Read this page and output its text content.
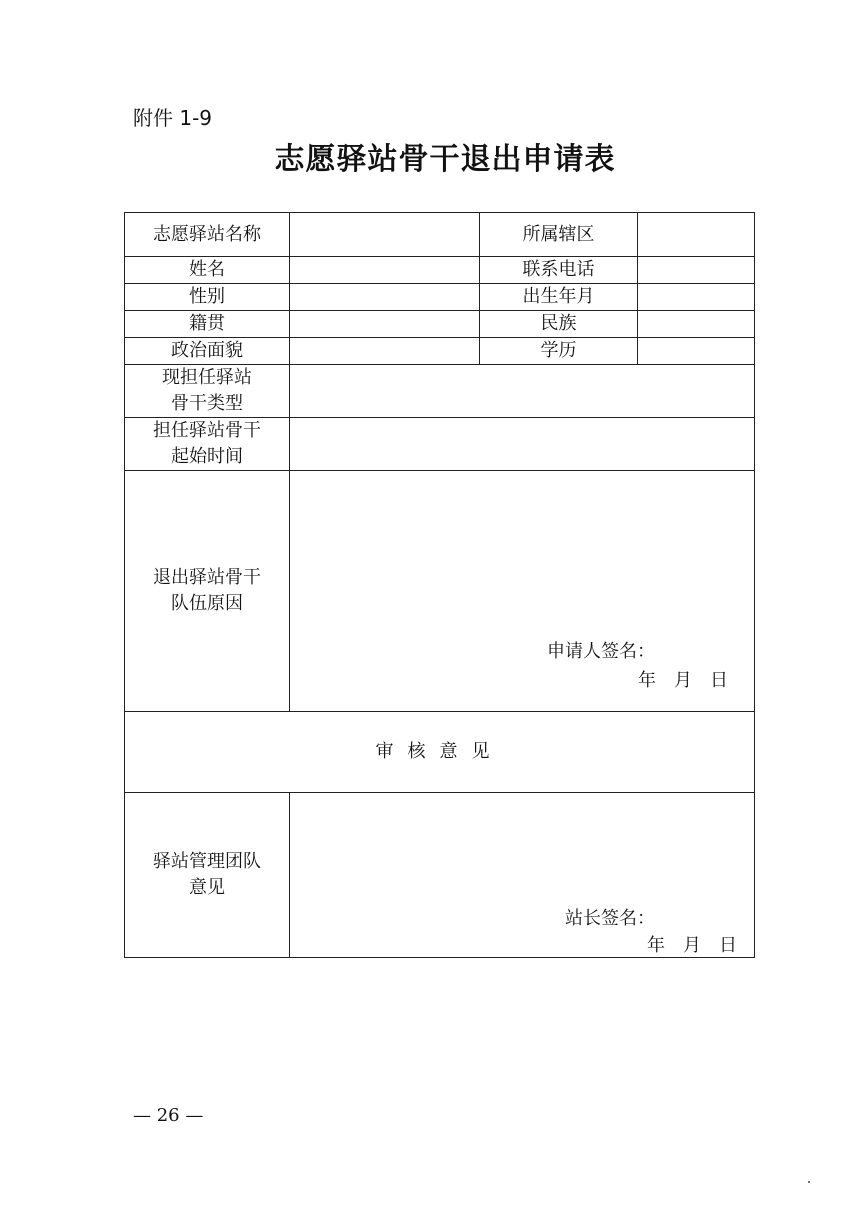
附件 1-9
志愿驿站骨干退出申请表
志愿驿站名称		所属辖区	
姓名		联系电话	
性别		出生年月	
籍贯		民族	
政治面貌		学历	

现担任驿站
骨干类型			

担任驿站骨干
起始时间			

退出驿站骨干
队伍原因	申请人签名：
年　月　日		

审核意见			

驿站管理团队
意见	站长签名：
年　月　日		
— 26 —
